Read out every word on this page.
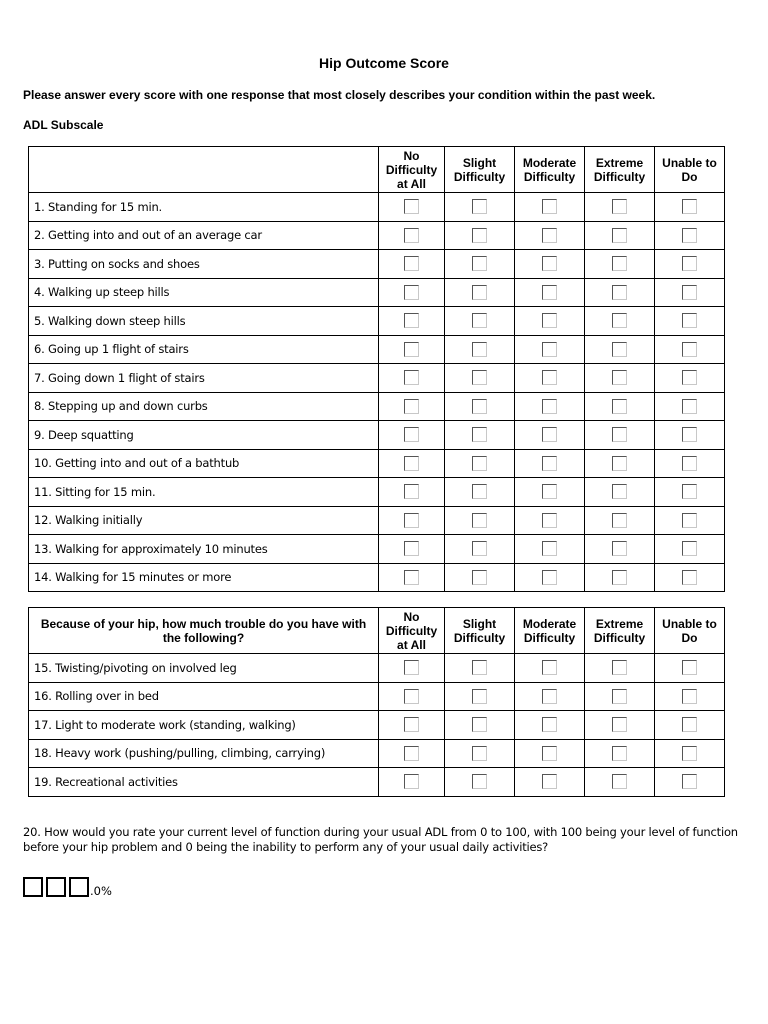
Hip Outcome Score
Please answer every score with one response that most closely describes your condition within the past week.
ADL Subscale
	No Difficulty at All	Slight Difficulty	Moderate Difficulty	Extreme Difficulty	Unable to Do
1. Standing for 15 min.					
2. Getting into and out of an average car					
3. Putting on socks and shoes					
4. Walking up steep hills					
5. Walking down steep hills					
6. Going up 1 flight of stairs					
7. Going down 1 flight of stairs					
8. Stepping up and down curbs					
9. Deep squatting					
10. Getting into and out of a bathtub					
11. Sitting for 15 min.					
12. Walking initially					
13. Walking for approximately 10 minutes					
14. Walking for 15 minutes or more					
Because of your hip, how much trouble do you have with the following?	No Difficulty at All	Slight Difficulty	Moderate Difficulty	Extreme Difficulty	Unable to Do
15. Twisting/pivoting on involved leg					
16. Rolling over in bed					
17. Light to moderate work (standing, walking)					
18. Heavy work (pushing/pulling, climbing, carrying)					
19. Recreational activities					
20. How would you rate your current level of function during your usual ADL from 0 to 100, with 100 being your level of function before your hip problem and 0 being the inability to perform any of your usual daily activities?
.0%
